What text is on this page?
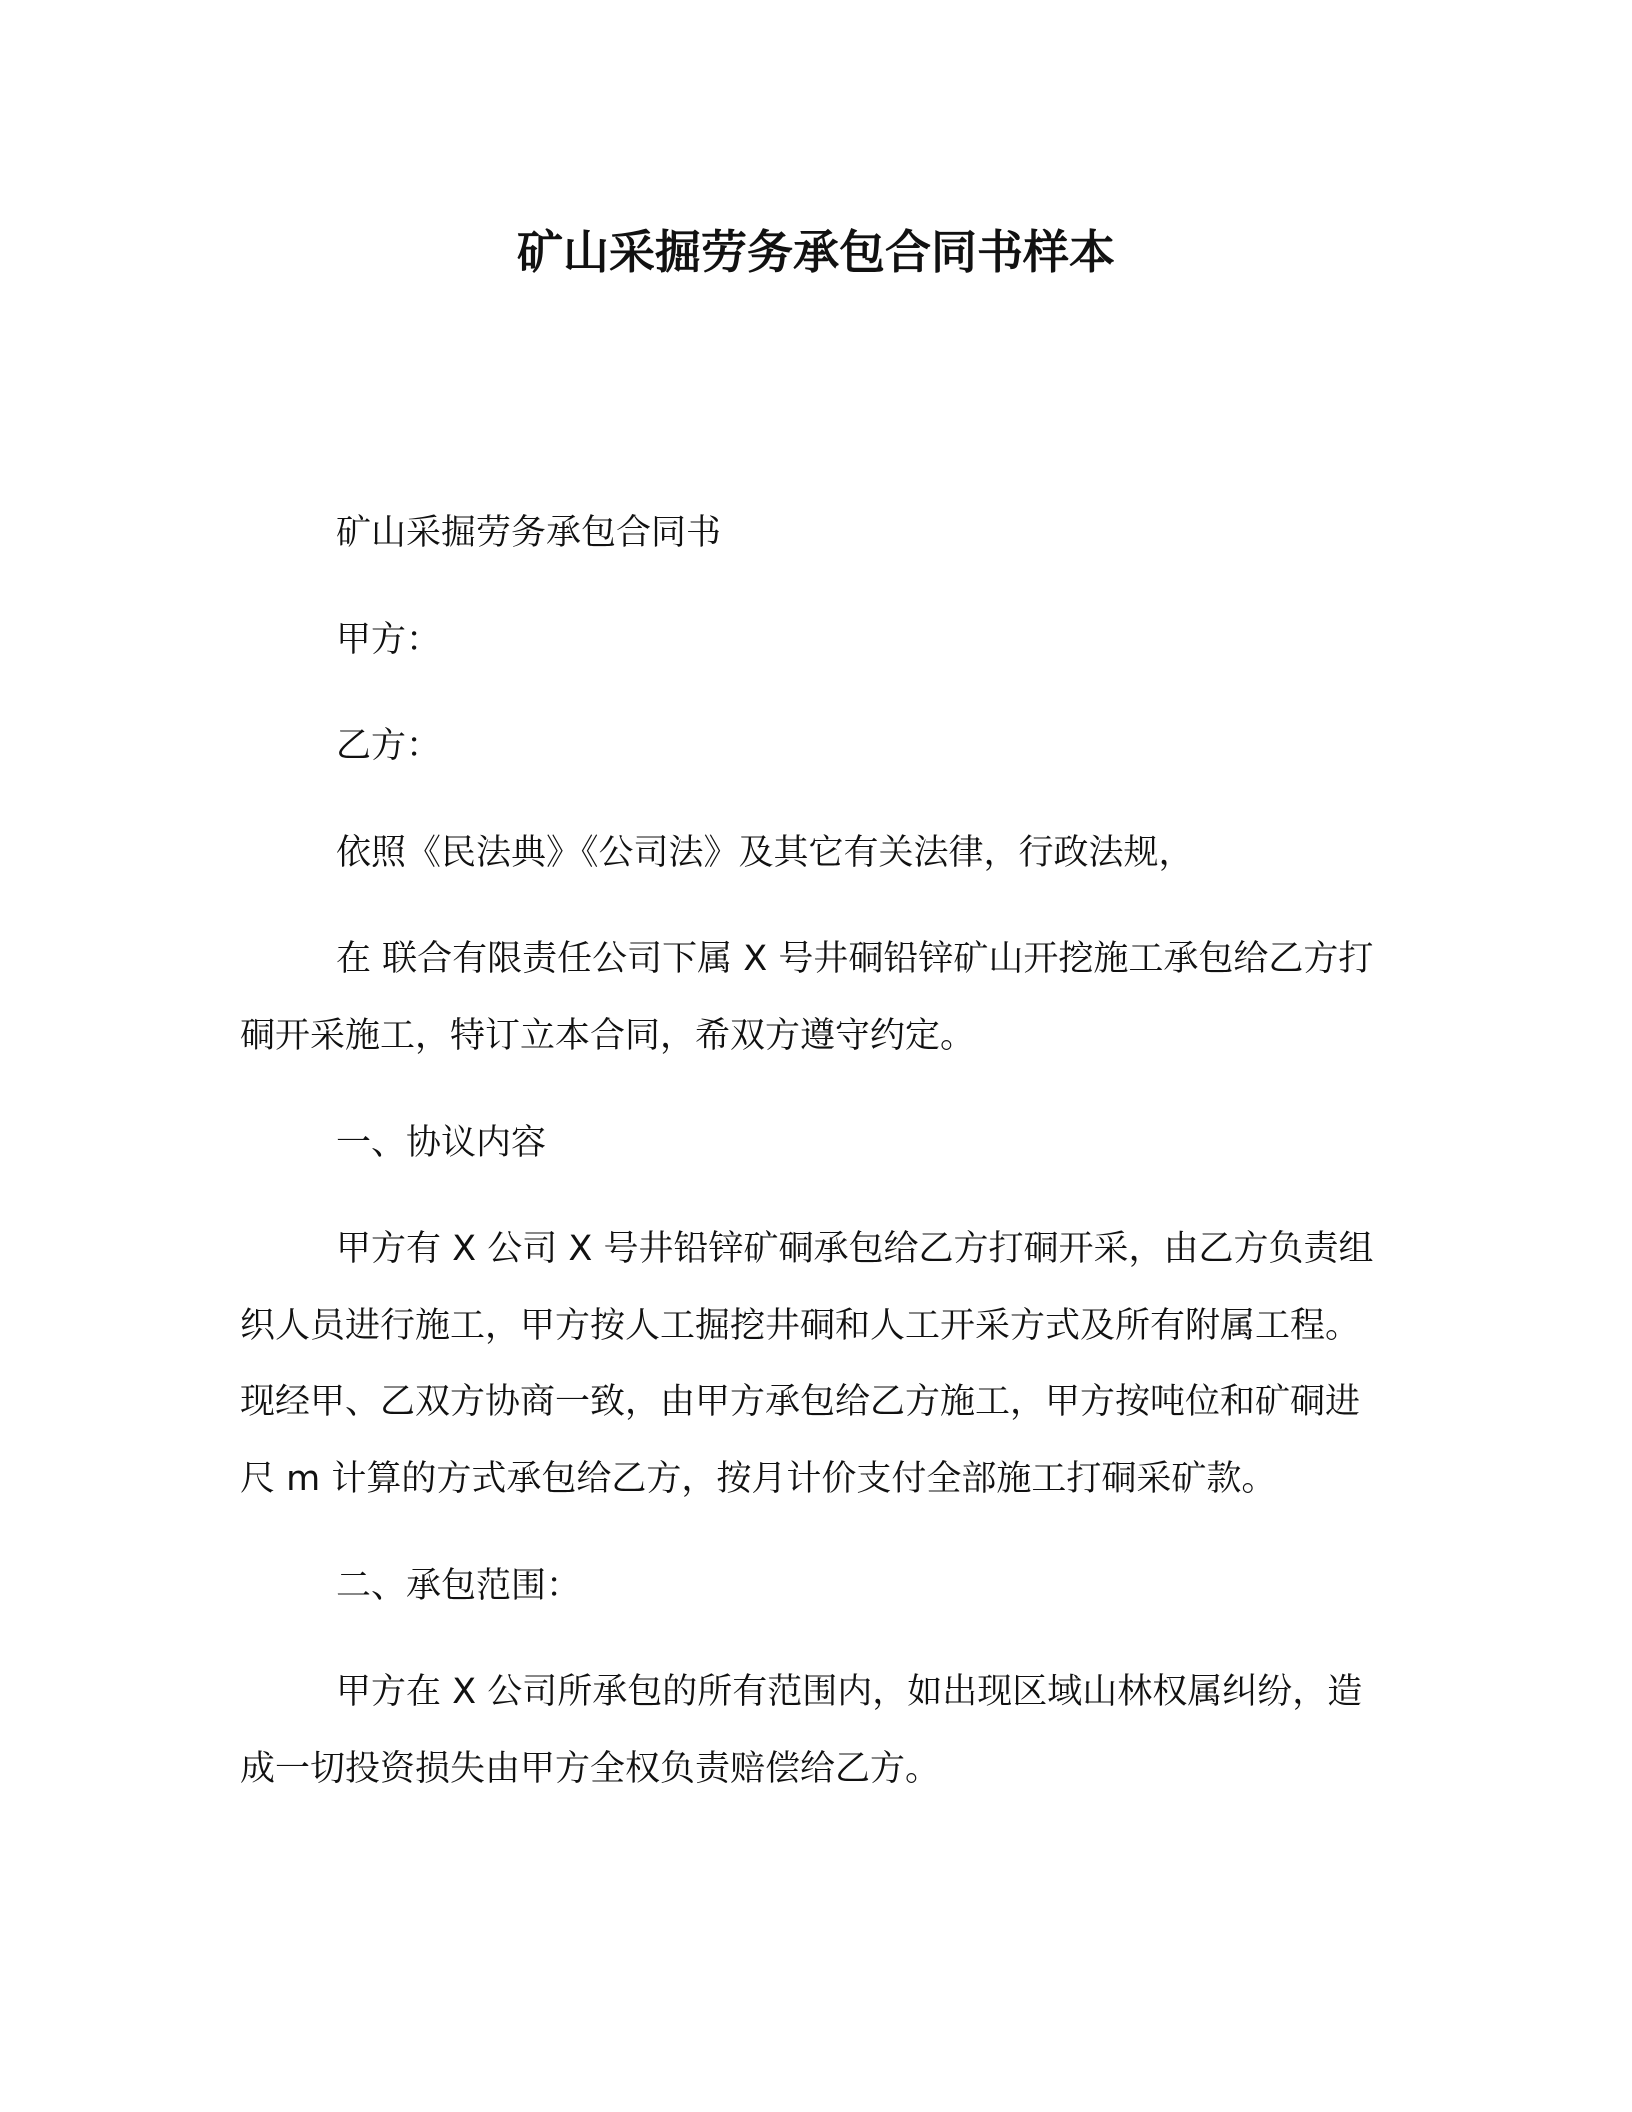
矿山采掘劳务承包合同书样本

矿山采掘劳务承包合同书

甲方：

乙方：

依照《民法典》《公司法》及其它有关法律，行政法规，

在 联合有限责任公司下属 X 号井硐铅锌矿山开挖施工承包给乙方打硐开采施工，特订立本合同，希双方遵守约定。

一、协议内容

甲方有 X 公司 X 号井铅锌矿硐承包给乙方打硐开采，由乙方负责组织人员进行施工，甲方按人工掘挖井硐和人工开采方式及所有附属工程。现经甲、乙双方协商一致，由甲方承包给乙方施工，甲方按吨位和矿硐进尺 m 计算的方式承包给乙方，按月计价支付全部施工打硐采矿款。

二、承包范围：

甲方在 X 公司所承包的所有范围内，如出现区域山林权属纠纷，造成一切投资损失由甲方全权负责赔偿给乙方。
